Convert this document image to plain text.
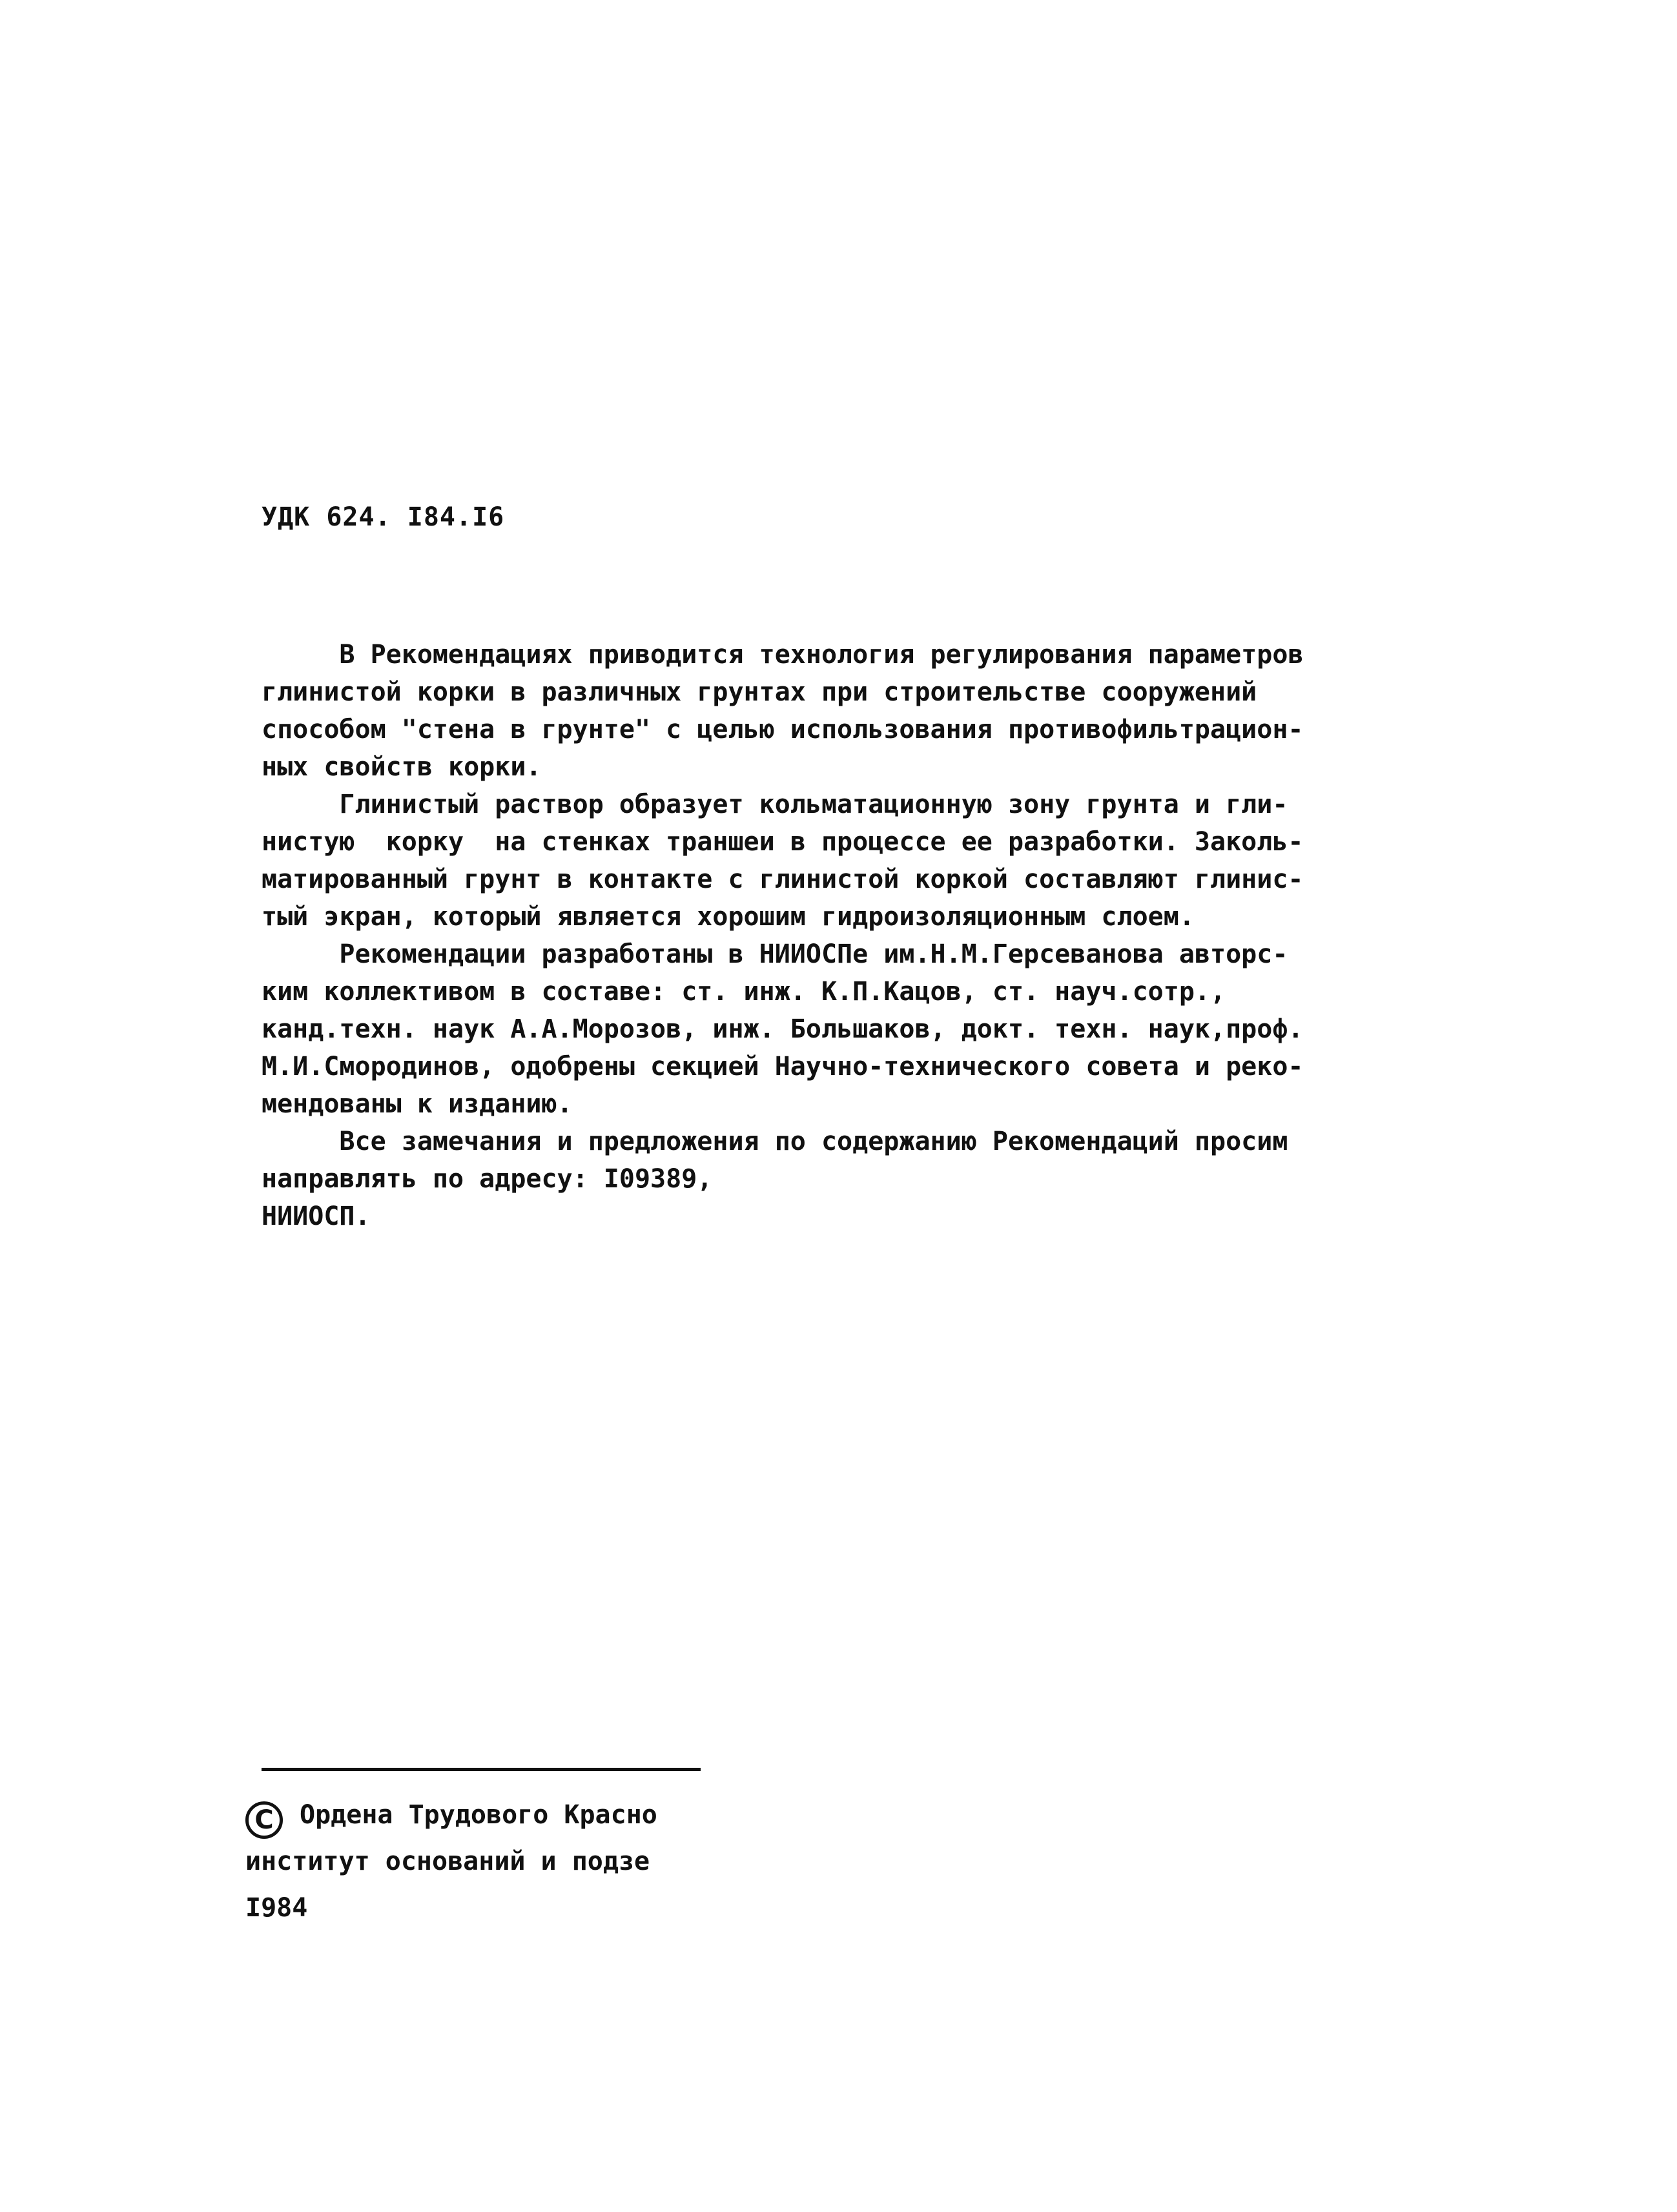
УДК 624. I84.I6
В Рекомендациях приводится технология регулирования параметров
глинистой корки в различных грунтах при строительстве сооружений
способом "стена в грунте" с целью использования противофильтрацион-
ных свойств корки.
Глинистый раствор образует кольматационную зону грунта и гли-
нистую  корку  на стенках траншеи в процессе ее разработки. Заколь-
матированный грунт в контакте с глинистой коркой составляют глинис-
тый экран, который является хорошим гидроизоляционным слоем.
Рекомендации разработаны в НИИОСПе им.Н.М.Герсеванова авторс-
ким коллективом в составе: ст. инж. К.П.Кацов, ст. науч.сотр.,
канд.техн. наук А.А.Морозов, инж. Большаков, докт. техн. наук,проф.
М.И.Смородинов, одобрены секцией Научно-технического совета и реко-
мендованы к изданию.
Все замечания и предложения по содержанию Рекомендаций просим
направлять по адресу: I09389,
НИИОСП.
C Ордена Трудового Красно
институт оснований и подзе
I984
